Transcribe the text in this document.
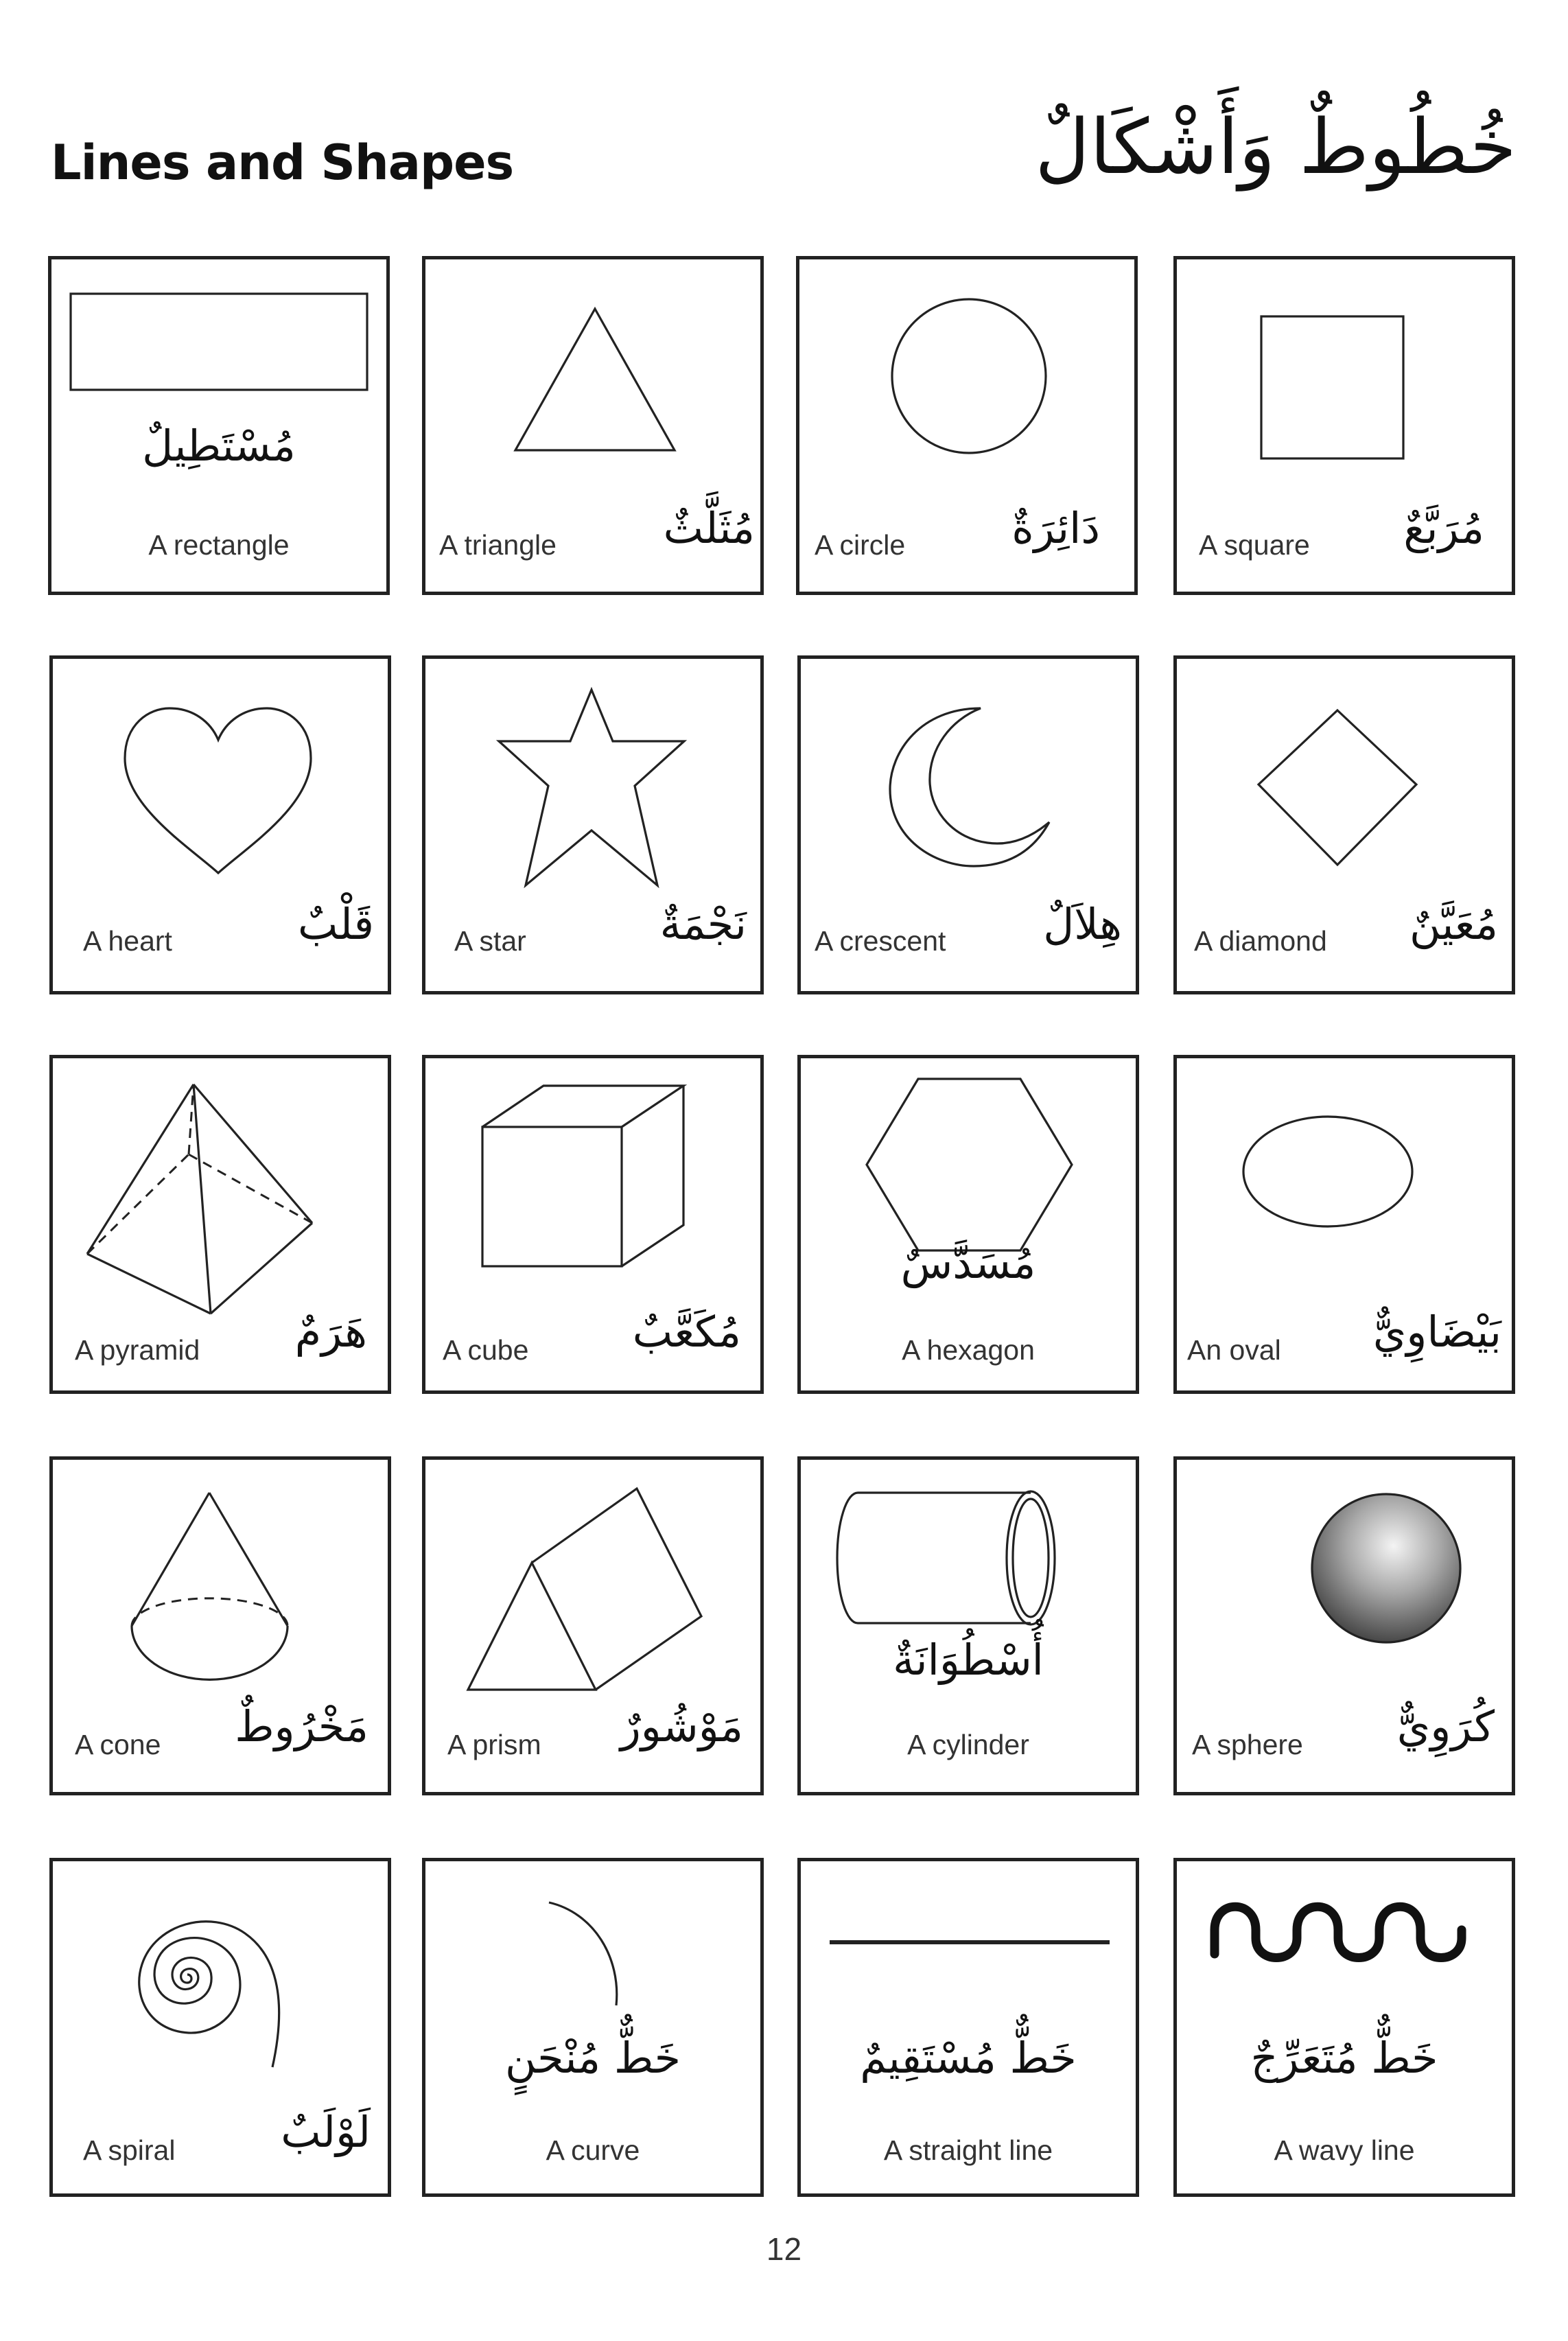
Lines and Shapes	خُطُوطٌ وَأَشْكَالٌ
مُسْتَطِيلٌ
A rectangle	A triangle	مُثَلَّثٌ A circle	دَائِرَةٌ	A square مُرَبَّعٌ
A heart	قَلْبٌ	A star	نَجْمَةٌ A crescent هِلاَلٌ	A diamond مُعَيَّنٌ
A pyramid هَرَمٌ	A cube مُكَعَّبٌ
مُسَدَّسٌ
A hexagon	An oval بَيْضَاوِيٌّ
A cone مَخْرُوطٌ	A prism مَوْشُورٌ
أُسْطُوَانَةٌ
A cylinder	A sphere كُرَوِيٌّ
A spiral لَوْلَبٌ
خَطٌّ مُنْحَنٍ
A curve
خَطٌّ مُسْتَقِيمٌ
A straight line
خَطٌّ مُتَعَرِّجٌ
A wavy line
12
